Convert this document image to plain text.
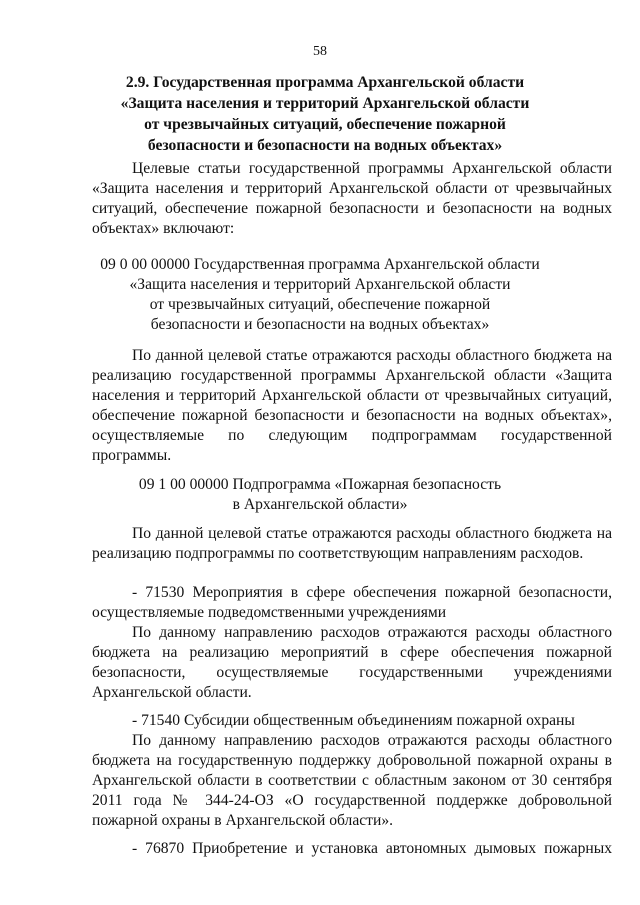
58
2.9. Государственная программа Архангельской области
«Защита населения и территорий Архангельской области
от чрезвычайных ситуаций, обеспечение пожарной
безопасности и безопасности на водных объектах»
Целевые статьи государственной программы Архангельской области
«Защита населения и территорий Архангельской области от чрезвычайных
ситуаций, обеспечение пожарной безопасности и безопасности на водных
объектах» включают:
09 0 00 00000 Государственная программа Архангельской области
«Защита населения и территорий Архангельской области
от чрезвычайных ситуаций, обеспечение пожарной
безопасности и безопасности на водных объектах»
По данной целевой статье отражаются расходы областного бюджета на
реализацию государственной программы Архангельской области «Защита
населения и территорий Архангельской области от чрезвычайных ситуаций,
обеспечение пожарной безопасности и безопасности на водных объектах»,
осуществляемые по следующим подпрограммам государственной
программы.
09 1 00 00000 Подпрограмма «Пожарная безопасность
в Архангельской области»
По данной целевой статье отражаются расходы областного бюджета на
реализацию подпрограммы по соответствующим направлениям расходов.
- 71530 Мероприятия в сфере обеспечения пожарной безопасности,
осуществляемые подведомственными учреждениями
По данному направлению расходов отражаются расходы областного
бюджета на реализацию мероприятий в сфере обеспечения пожарной
безопасности, осуществляемые государственными учреждениями
Архангельской области.
- 71540 Субсидии общественным объединениям пожарной охраны
По данному направлению расходов отражаются расходы областного
бюджета на государственную поддержку добровольной пожарной охраны в
Архангельской области в соответствии с областным законом от 30 сентября
2011 года № 344-24-ОЗ «О государственной поддержке добровольной
пожарной охраны в Архангельской области».
- 76870 Приобретение и установка автономных дымовых пожарных
